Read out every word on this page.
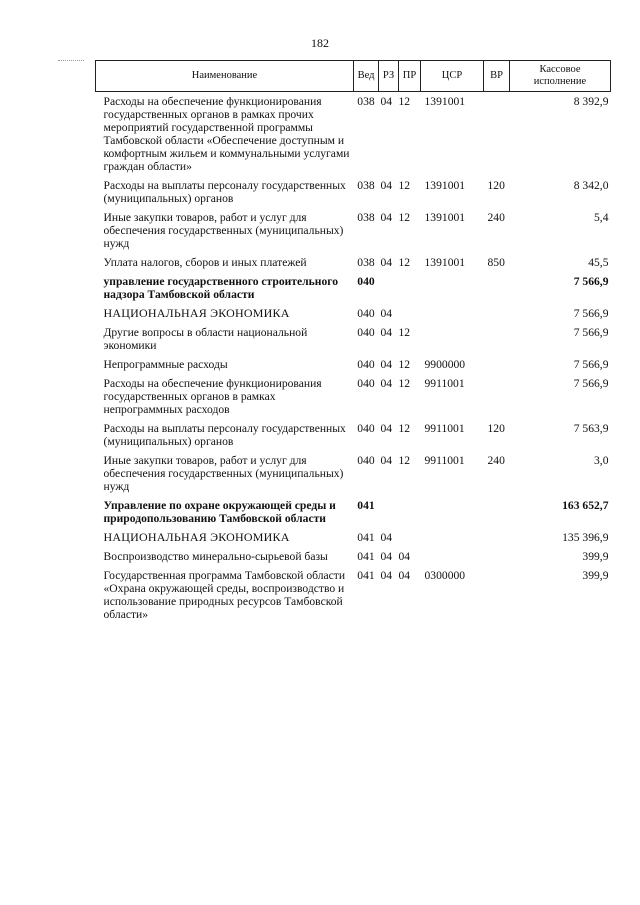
182
Наименование	Вед	РЗ	ПР	ЦСР	ВР	Кассовое
исполнение
Расходы на обеспечение функционирования государственных органов в рамках прочих мероприятий государственной программы Тамбовской области «Обеспечение доступным и комфортным жильем и коммунальными услугами граждан области»	038	04	12	1391001		8 392,9
Расходы на выплаты персоналу государственных (муниципальных) органов	038	04	12	1391001	120	8 342,0
Иные закупки товаров, работ и услуг для обеспечения государственных (муниципальных) нужд	038	04	12	1391001	240	5,4
Уплата налогов, сборов и иных платежей	038	04	12	1391001	850	45,5
управление государственного строительного надзора Тамбовской области	040					7 566,9
НАЦИОНАЛЬНАЯ ЭКОНОМИКА	040	04				7 566,9
Другие вопросы в области национальной экономики	040	04	12			7 566,9
Непрограммные расходы	040	04	12	9900000		7 566,9
Расходы на обеспечение функционирования государственных органов в рамках непрограммных расходов	040	04	12	9911001		7 566,9
Расходы на выплаты персоналу государственных (муниципальных) органов	040	04	12	9911001	120	7 563,9
Иные закупки товаров, работ и услуг для обеспечения государственных (муниципальных) нужд	040	04	12	9911001	240	3,0
Управление по охране окружающей среды и природопользованию Тамбовской области	041					163 652,7
НАЦИОНАЛЬНАЯ ЭКОНОМИКА	041	04				135 396,9
Воспроизводство минерально-сырьевой базы	041	04	04			399,9
Государственная программа Тамбовской области «Охрана окружающей среды, воспроизводство и использование природных ресурсов Тамбовской области»	041	04	04	0300000		399,9
